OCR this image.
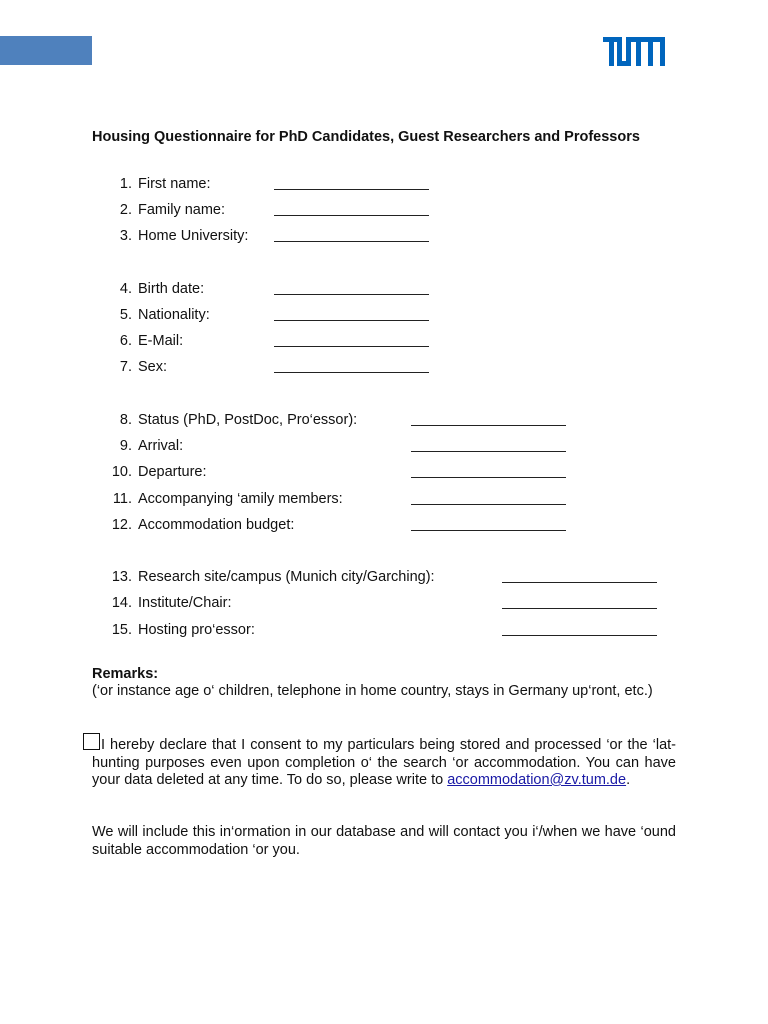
Housing Questionnaire for PhD Candidates, Guest Researchers and Professors
1. First name:
2. Family name:
3. Home University:
4. Birth date:
5. Nationality:
6. E-Mail:
7. Sex:
8. Status (PhD, PostDoc, Pro‘essor):
9. Arrival:
10. Departure:
11. Accompanying ‘amily members:
12. Accommodation budget:
13. Research site/campus (Munich city/Garching):
14. Institute/Chair:
15. Hosting pro‘essor:
Remarks:
(‘or instance age o‘ children, telephone in home country, stays in Germany up‘ront, etc.)
I hereby declare that I consent to my particulars being stored and processed ‘or the ‘lat-hunting purposes even upon completion o‘ the search ‘or accommodation. You can have your data deleted at any time. To do so, please write to accommodation@zv.tum.de.
We will include this in‘ormation in our database and will contact you i‘/when we have ‘ound suitable accommodation ‘or you.
